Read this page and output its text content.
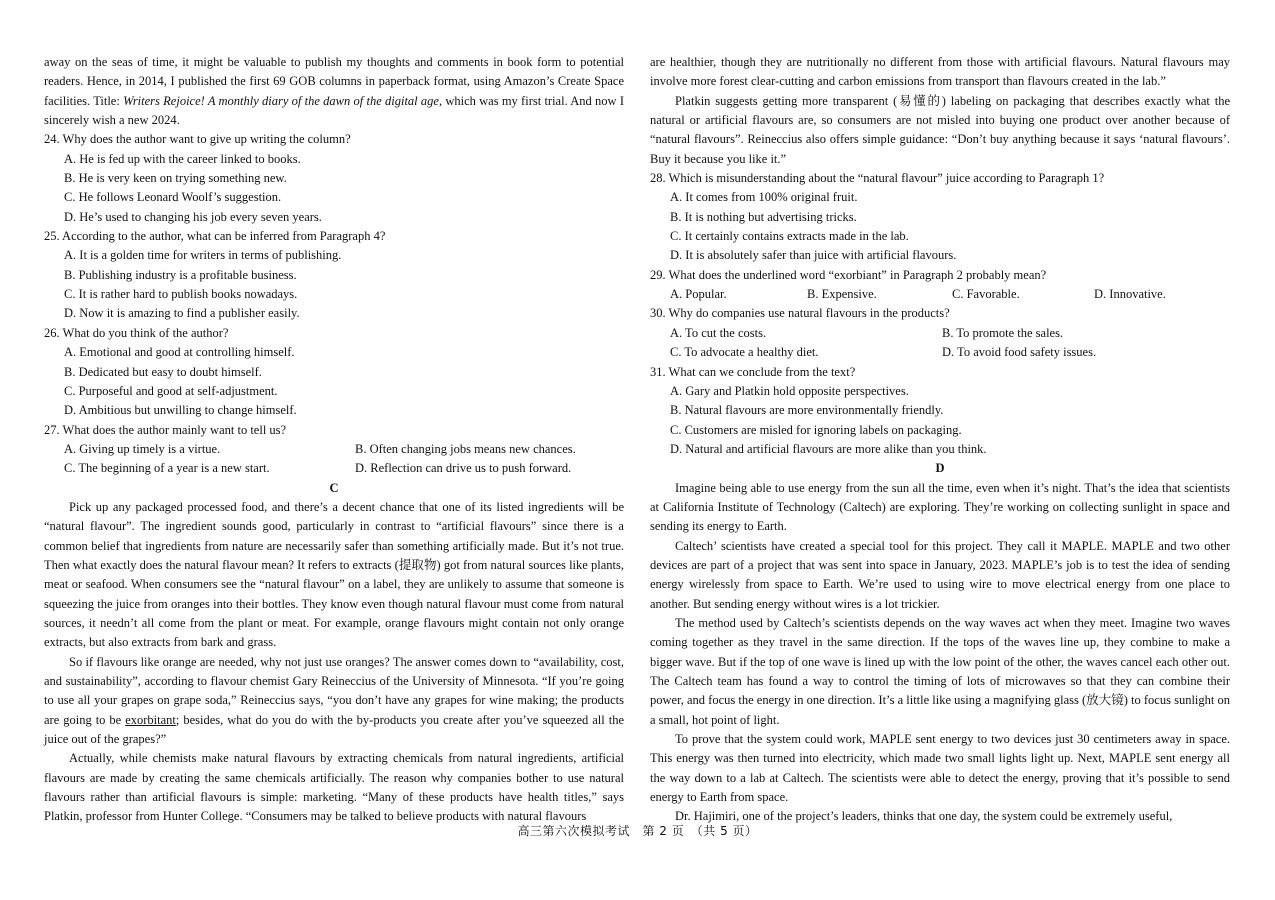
away on the seas of time, it might be valuable to publish my thoughts and comments in book form to potential readers. Hence, in 2014, I published the first 69 GOB columns in paperback format, using Amazon’s Create Space facilities. Title: Writers Rejoice! A monthly diary of the dawn of the digital age, which was my first trial. And now I sincerely wish a new 2024.

24. Why does the author want to give up writing the column?

A. He is fed up with the career linked to books.

B. He is very keen on trying something new.

C. He follows Leonard Woolf’s suggestion.

D. He’s used to changing his job every seven years.

25. According to the author, what can be inferred from Paragraph 4?

A. It is a golden time for writers in terms of publishing.

B. Publishing industry is a profitable business.

C. It is rather hard to publish books nowadays.

D. Now it is amazing to find a publisher easily.

26. What do you think of the author?

A. Emotional and good at controlling himself.

B. Dedicated but easy to doubt himself.

C. Purposeful and good at self-adjustment.

D. Ambitious but unwilling to change himself.

27. What does the author mainly want to tell us?

A. Giving up timely is a virtue.	B. Often changing jobs means new chances.
C. The beginning of a year is a new start.	D. Reflection can drive us to push forward.

C

Pick up any packaged processed food, and there’s a decent chance that one of its listed ingredients will be “natural flavour”. The ingredient sounds good, particularly in contrast to “artificial flavours” since there is a common belief that ingredients from nature are necessarily safer than something artificially made. But it’s not true. Then what exactly does the natural flavour mean? It refers to extracts (提取物) got from natural sources like plants, meat or seafood. When consumers see the “natural flavour” on a label, they are unlikely to assume that someone is squeezing the juice from oranges into their bottles. They know even though natural flavour must come from natural sources, it needn’t all come from the plant or meat. For example, orange flavours might contain not only orange extracts, but also extracts from bark and grass.

So if flavours like orange are needed, why not just use oranges? The answer comes down to “availability, cost, and sustainability”, according to flavour chemist Gary Reineccius of the University of Minnesota. “If you’re going to use all your grapes on grape soda,” Reineccius says, “you don’t have any grapes for wine making; the products are going to be exorbitant; besides, what do you do with the by-products you create after you’ve squeezed all the juice out of the grapes?”

Actually, while chemists make natural flavours by extracting chemicals from natural ingredients, artificial flavours are made by creating the same chemicals artificially. The reason why companies bother to use natural flavours rather than artificial flavours is simple: marketing. “Many of these products have health titles,” says Platkin, professor from Hunter College. “Consumers may be talked to believe products with natural flavours

are healthier, though they are nutritionally no different from those with artificial flavours. Natural flavours may involve more forest clear-cutting and carbon emissions from transport than flavours created in the lab.”

Platkin suggests getting more transparent (易懂的) labeling on packaging that describes exactly what the natural or artificial flavours are, so consumers are not misled into buying one product over another because of “natural flavours”. Reineccius also offers simple guidance: “Don’t buy anything because it says ‘natural flavours’. Buy it because you like it.”

28. Which is misunderstanding about the “natural flavour” juice according to Paragraph 1?

A. It comes from 100% original fruit.

B. It is nothing but advertising tricks.

C. It certainly contains extracts made in the lab.

D. It is absolutely safer than juice with artificial flavours.

29. What does the underlined word “exorbiant” in Paragraph 2 probably mean?

A. Popular.	B. Expensive.	C. Favorable.	D. Innovative.

30. Why do companies use natural flavours in the products?

A. To cut the costs.	B. To promote the sales.
C. To advocate a healthy diet.	D. To avoid food safety issues.

31. What can we conclude from the text?

A. Gary and Platkin hold opposite perspectives.

B. Natural flavours are more environmentally friendly.

C. Customers are misled for ignoring labels on packaging.

D. Natural and artificial flavours are more alike than you think.

D

Imagine being able to use energy from the sun all the time, even when it’s night. That’s the idea that scientists at California Institute of Technology (Caltech) are exploring. They’re working on collecting sunlight in space and sending its energy to Earth.

Caltech’ scientists have created a special tool for this project. They call it MAPLE. MAPLE and two other devices are part of a project that was sent into space in January, 2023. MAPLE’s job is to test the idea of sending energy wirelessly from space to Earth. We’re used to using wire to move electrical energy from one place to another. But sending energy without wires is a lot trickier.

The method used by Caltech’s scientists depends on the way waves act when they meet. Imagine two waves coming together as they travel in the same direction. If the tops of the waves line up, they combine to make a bigger wave. But if the top of one wave is lined up with the low point of the other, the waves cancel each other out. The Caltech team has found a way to control the timing of lots of microwaves so that they can combine their power, and focus the energy in one direction. It’s a little like using a magnifying glass (放大镜) to focus sunlight on a small, hot point of light.

To prove that the system could work, MAPLE sent energy to two devices just 30 centimeters away in space. This energy was then turned into electricity, which made two small lights light up. Next, MAPLE sent energy all the way down to a lab at Caltech. The scientists were able to detect the energy, proving that it’s possible to send energy to Earth from space.

Dr. Hajimiri, one of the project’s leaders, thinks that one day, the system could be extremely useful,

高三第六次模拟考试　第 2 页　（共 5 页）
